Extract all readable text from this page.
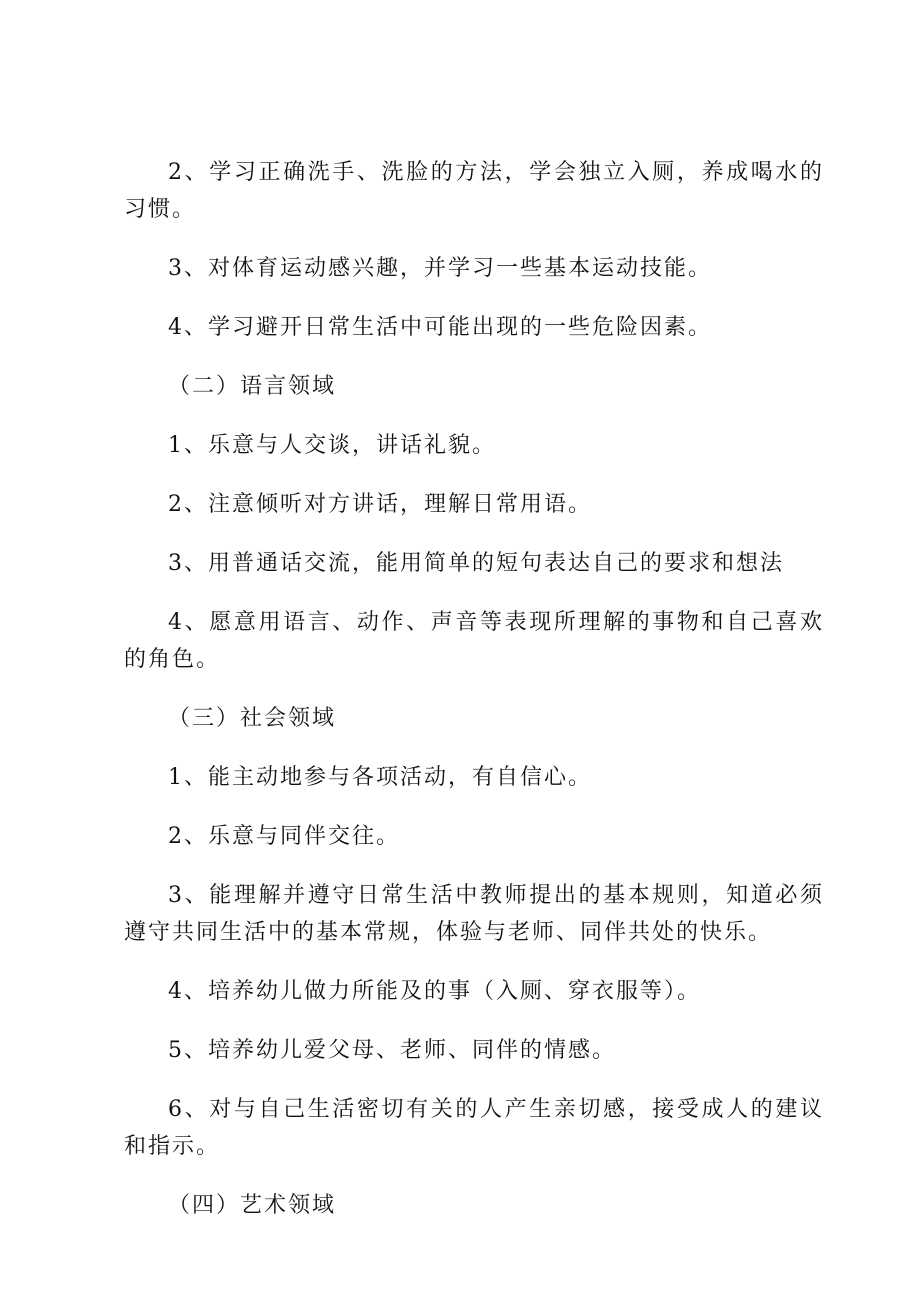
2、学习正确洗手、洗脸的方法，学会独立入厕，养成喝水的习惯。

3、对体育运动感兴趣，并学习一些基本运动技能。

4、学习避开日常生活中可能出现的一些危险因素。

（二）语言领域

1、乐意与人交谈，讲话礼貌。

2、注意倾听对方讲话，理解日常用语。

3、用普通话交流，能用简单的短句表达自己的要求和想法

4、愿意用语言、动作、声音等表现所理解的事物和自己喜欢的角色。

（三）社会领域

1、能主动地参与各项活动，有自信心。

2、乐意与同伴交往。

3、能理解并遵守日常生活中教师提出的基本规则，知道必须遵守共同生活中的基本常规，体验与老师、同伴共处的快乐。

4、培养幼儿做力所能及的事（入厕、穿衣服等）。

5、培养幼儿爱父母、老师、同伴的情感。

6、对与自己生活密切有关的人产生亲切感，接受成人的建议和指示。

（四）艺术领域
